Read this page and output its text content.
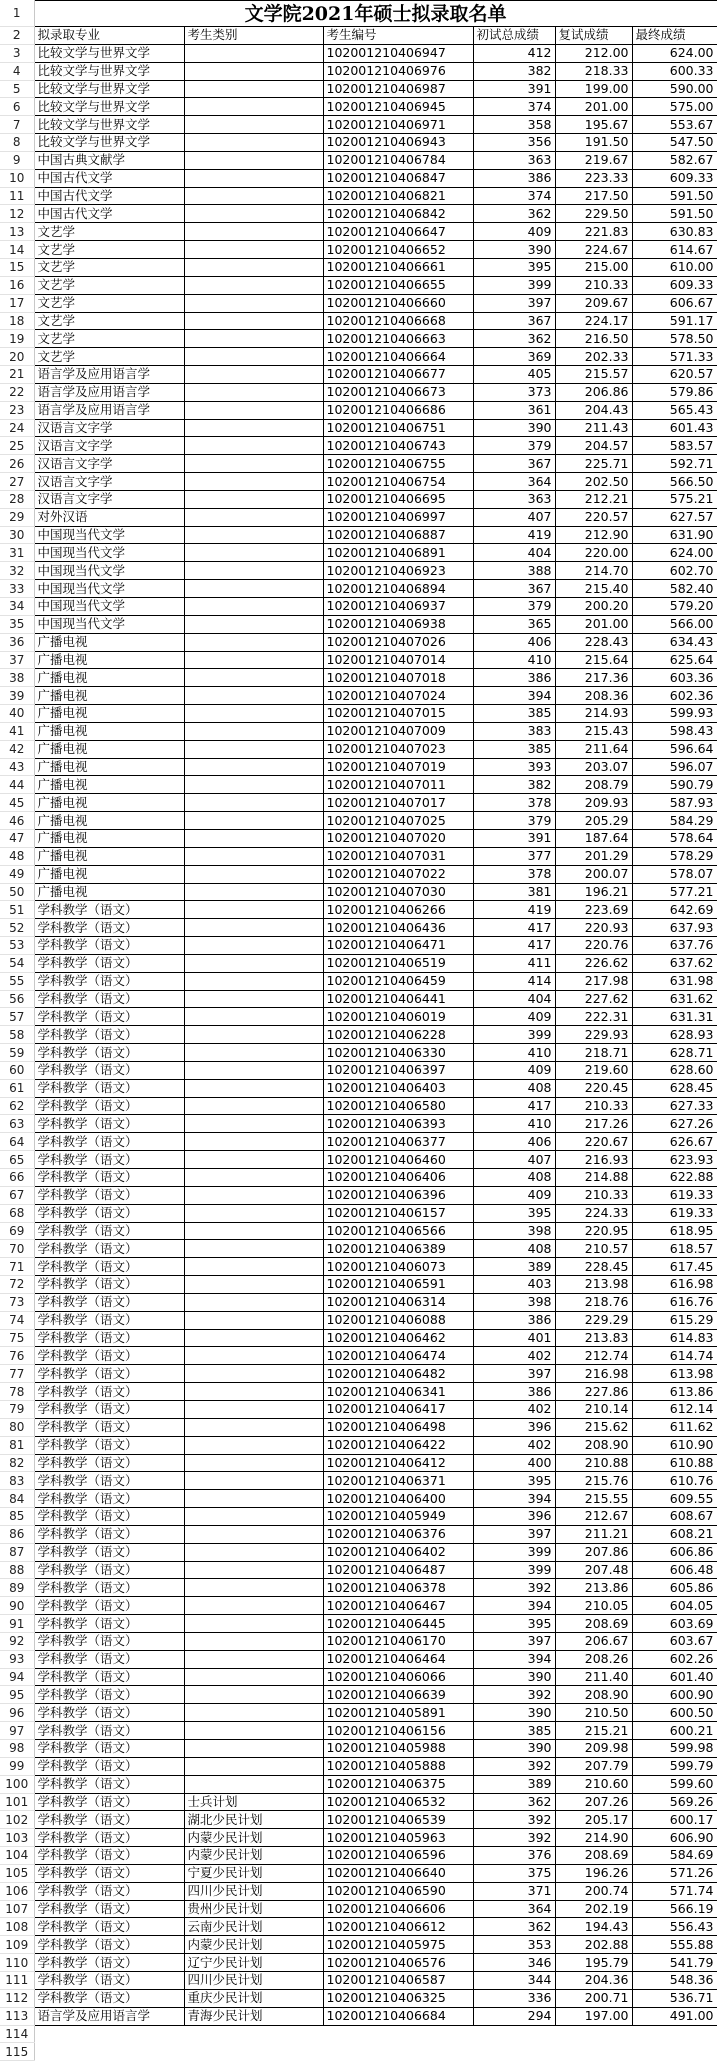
1	文学院2021年硕士拟录取名单					
2	拟录取专业	考生类别	考生编号	初试总成绩	复试成绩	最终成绩
3	比较文学与世界文学		102001210406947	412	212.00	624.00
4	比较文学与世界文学		102001210406976	382	218.33	600.33
5	比较文学与世界文学		102001210406987	391	199.00	590.00
6	比较文学与世界文学		102001210406945	374	201.00	575.00
7	比较文学与世界文学		102001210406971	358	195.67	553.67
8	比较文学与世界文学		102001210406943	356	191.50	547.50
9	中国古典文献学		102001210406784	363	219.67	582.67
10	中国古代文学		102001210406847	386	223.33	609.33
11	中国古代文学		102001210406821	374	217.50	591.50
12	中国古代文学		102001210406842	362	229.50	591.50
13	文艺学		102001210406647	409	221.83	630.83
14	文艺学		102001210406652	390	224.67	614.67
15	文艺学		102001210406661	395	215.00	610.00
16	文艺学		102001210406655	399	210.33	609.33
17	文艺学		102001210406660	397	209.67	606.67
18	文艺学		102001210406668	367	224.17	591.17
19	文艺学		102001210406663	362	216.50	578.50
20	文艺学		102001210406664	369	202.33	571.33
21	语言学及应用语言学		102001210406677	405	215.57	620.57
22	语言学及应用语言学		102001210406673	373	206.86	579.86
23	语言学及应用语言学		102001210406686	361	204.43	565.43
24	汉语言文字学		102001210406751	390	211.43	601.43
25	汉语言文字学		102001210406743	379	204.57	583.57
26	汉语言文字学		102001210406755	367	225.71	592.71
27	汉语言文字学		102001210406754	364	202.50	566.50
28	汉语言文字学		102001210406695	363	212.21	575.21
29	对外汉语		102001210406997	407	220.57	627.57
30	中国现当代文学		102001210406887	419	212.90	631.90
31	中国现当代文学		102001210406891	404	220.00	624.00
32	中国现当代文学		102001210406923	388	214.70	602.70
33	中国现当代文学		102001210406894	367	215.40	582.40
34	中国现当代文学		102001210406937	379	200.20	579.20
35	中国现当代文学		102001210406938	365	201.00	566.00
36	广播电视		102001210407026	406	228.43	634.43
37	广播电视		102001210407014	410	215.64	625.64
38	广播电视		102001210407018	386	217.36	603.36
39	广播电视		102001210407024	394	208.36	602.36
40	广播电视		102001210407015	385	214.93	599.93
41	广播电视		102001210407009	383	215.43	598.43
42	广播电视		102001210407023	385	211.64	596.64
43	广播电视		102001210407019	393	203.07	596.07
44	广播电视		102001210407011	382	208.79	590.79
45	广播电视		102001210407017	378	209.93	587.93
46	广播电视		102001210407025	379	205.29	584.29
47	广播电视		102001210407020	391	187.64	578.64
48	广播电视		102001210407031	377	201.29	578.29
49	广播电视		102001210407022	378	200.07	578.07
50	广播电视		102001210407030	381	196.21	577.21
51	学科教学（语文）		102001210406266	419	223.69	642.69
52	学科教学（语文）		102001210406436	417	220.93	637.93
53	学科教学（语文）		102001210406471	417	220.76	637.76
54	学科教学（语文）		102001210406519	411	226.62	637.62
55	学科教学（语文）		102001210406459	414	217.98	631.98
56	学科教学（语文）		102001210406441	404	227.62	631.62
57	学科教学（语文）		102001210406019	409	222.31	631.31
58	学科教学（语文）		102001210406228	399	229.93	628.93
59	学科教学（语文）		102001210406330	410	218.71	628.71
60	学科教学（语文）		102001210406397	409	219.60	628.60
61	学科教学（语文）		102001210406403	408	220.45	628.45
62	学科教学（语文）		102001210406580	417	210.33	627.33
63	学科教学（语文）		102001210406393	410	217.26	627.26
64	学科教学（语文）		102001210406377	406	220.67	626.67
65	学科教学（语文）		102001210406460	407	216.93	623.93
66	学科教学（语文）		102001210406406	408	214.88	622.88
67	学科教学（语文）		102001210406396	409	210.33	619.33
68	学科教学（语文）		102001210406157	395	224.33	619.33
69	学科教学（语文）		102001210406566	398	220.95	618.95
70	学科教学（语文）		102001210406389	408	210.57	618.57
71	学科教学（语文）		102001210406073	389	228.45	617.45
72	学科教学（语文）		102001210406591	403	213.98	616.98
73	学科教学（语文）		102001210406314	398	218.76	616.76
74	学科教学（语文）		102001210406088	386	229.29	615.29
75	学科教学（语文）		102001210406462	401	213.83	614.83
76	学科教学（语文）		102001210406474	402	212.74	614.74
77	学科教学（语文）		102001210406482	397	216.98	613.98
78	学科教学（语文）		102001210406341	386	227.86	613.86
79	学科教学（语文）		102001210406417	402	210.14	612.14
80	学科教学（语文）		102001210406498	396	215.62	611.62
81	学科教学（语文）		102001210406422	402	208.90	610.90
82	学科教学（语文）		102001210406412	400	210.88	610.88
83	学科教学（语文）		102001210406371	395	215.76	610.76
84	学科教学（语文）		102001210406400	394	215.55	609.55
85	学科教学（语文）		102001210405949	396	212.67	608.67
86	学科教学（语文）		102001210406376	397	211.21	608.21
87	学科教学（语文）		102001210406402	399	207.86	606.86
88	学科教学（语文）		102001210406487	399	207.48	606.48
89	学科教学（语文）		102001210406378	392	213.86	605.86
90	学科教学（语文）		102001210406467	394	210.05	604.05
91	学科教学（语文）		102001210406445	395	208.69	603.69
92	学科教学（语文）		102001210406170	397	206.67	603.67
93	学科教学（语文）		102001210406464	394	208.26	602.26
94	学科教学（语文）		102001210406066	390	211.40	601.40
95	学科教学（语文）		102001210406639	392	208.90	600.90
96	学科教学（语文）		102001210405891	390	210.50	600.50
97	学科教学（语文）		102001210406156	385	215.21	600.21
98	学科教学（语文）		102001210405988	390	209.98	599.98
99	学科教学（语文）		102001210405888	392	207.79	599.79
100	学科教学（语文）		102001210406375	389	210.60	599.60
101	学科教学（语文）	士兵计划	102001210406532	362	207.26	569.26
102	学科教学（语文）	湖北少民计划	102001210406539	392	205.17	600.17
103	学科教学（语文）	内蒙少民计划	102001210405963	392	214.90	606.90
104	学科教学（语文）	内蒙少民计划	102001210406596	376	208.69	584.69
105	学科教学（语文）	宁夏少民计划	102001210406640	375	196.26	571.26
106	学科教学（语文）	四川少民计划	102001210406590	371	200.74	571.74
107	学科教学（语文）	贵州少民计划	102001210406606	364	202.19	566.19
108	学科教学（语文）	云南少民计划	102001210406612	362	194.43	556.43
109	学科教学（语文）	内蒙少民计划	102001210405975	353	202.88	555.88
110	学科教学（语文）	辽宁少民计划	102001210406576	346	195.79	541.79
111	学科教学（语文）	四川少民计划	102001210406587	344	204.36	548.36
112	学科教学（语文）	重庆少民计划	102001210406325	336	200.71	536.71
113	语言学及应用语言学	青海少民计划	102001210406684	294	197.00	491.00
114						
115						
